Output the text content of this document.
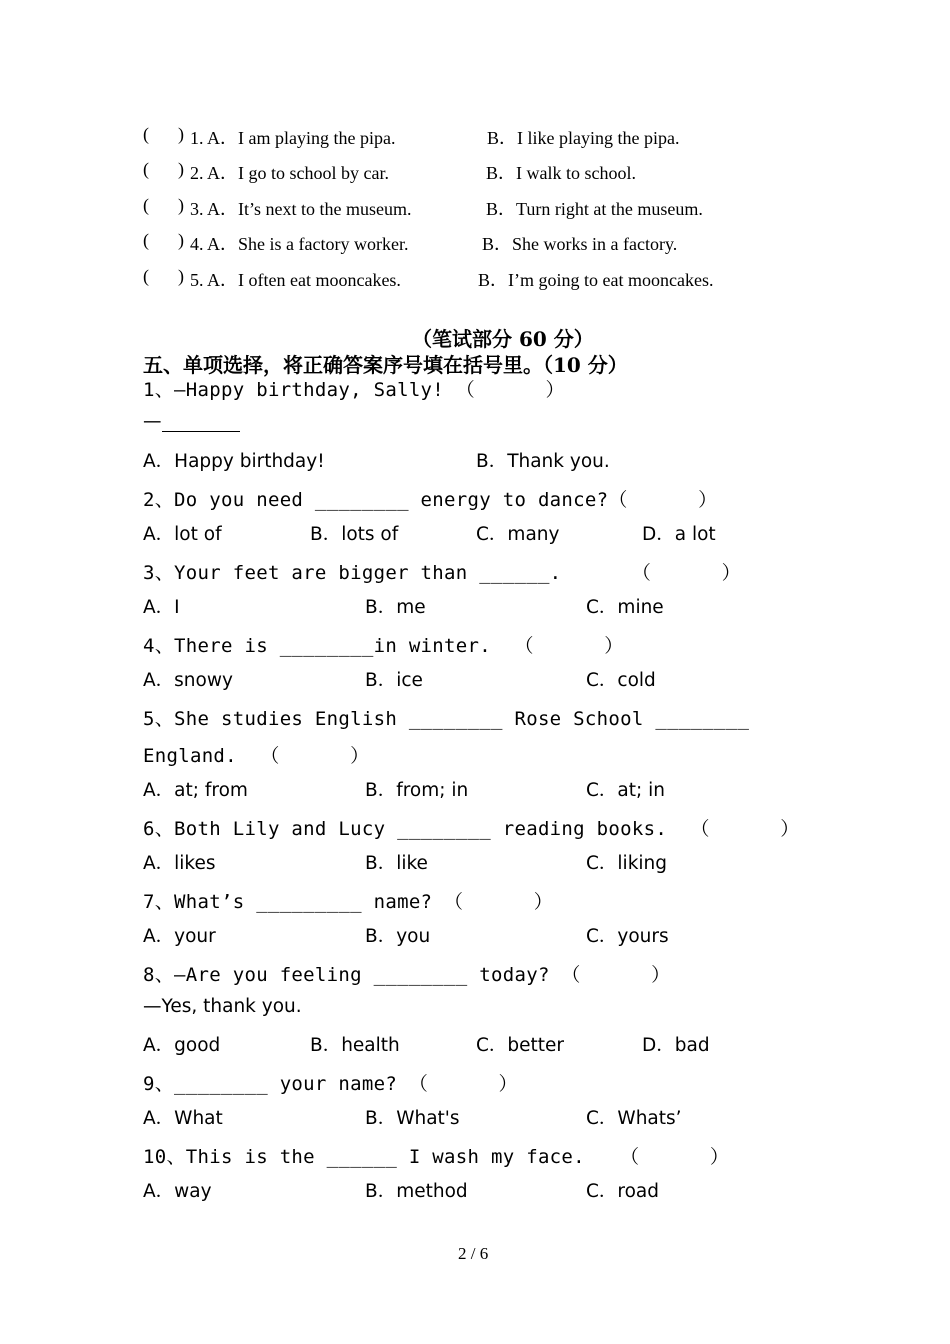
( ) 1. A．I am playing the pipa.	B．I like playing the pipa.
( ) 2. A．I go to school by car.	B．I walk to school.
( ) 3. A．It’s next to the museum.	B．Turn right at the museum.
( ) 4. A．She is a factory worker.	B．She works in a factory.
( ) 5. A．I often eat mooncakes.	B．I’m going to eat mooncakes.
（笔试部分 60 分）
五、单项选择，将正确答案序号填在括号里。（10 分）
1、—Happy birthday, Sally! （      ）
—
A．Happy birthday!	B．Thank you.
2、Do you need ________ energy to dance?（      ）
A．lot of	B．lots of	C．many	D．a lot
3、Your feet are bigger than ______.      （      ）
A．I	B．me	C．mine
4、There is ________in winter.  （      ）
A．snowy	B．ice	C．cold
5、She studies English ________ Rose School ________
England.  （      ）
A．at; from	B．from; in	C．at; in
6、Both Lily and Lucy ________ reading books.  （      ）
A．likes	B．like	C．liking
7、What’s _________ name? （      ）
A．your	B．you	C．yours
8、—Are you feeling ________ today? （      ）
—Yes, thank you.
A．good	B．health	C．better	D．bad
9、________ your name? （      ）
A．What	B．What's	C．Whats’
10、This is the ______ I wash my face.   （      ）
A．way	B．method	C．road
2 / 6
